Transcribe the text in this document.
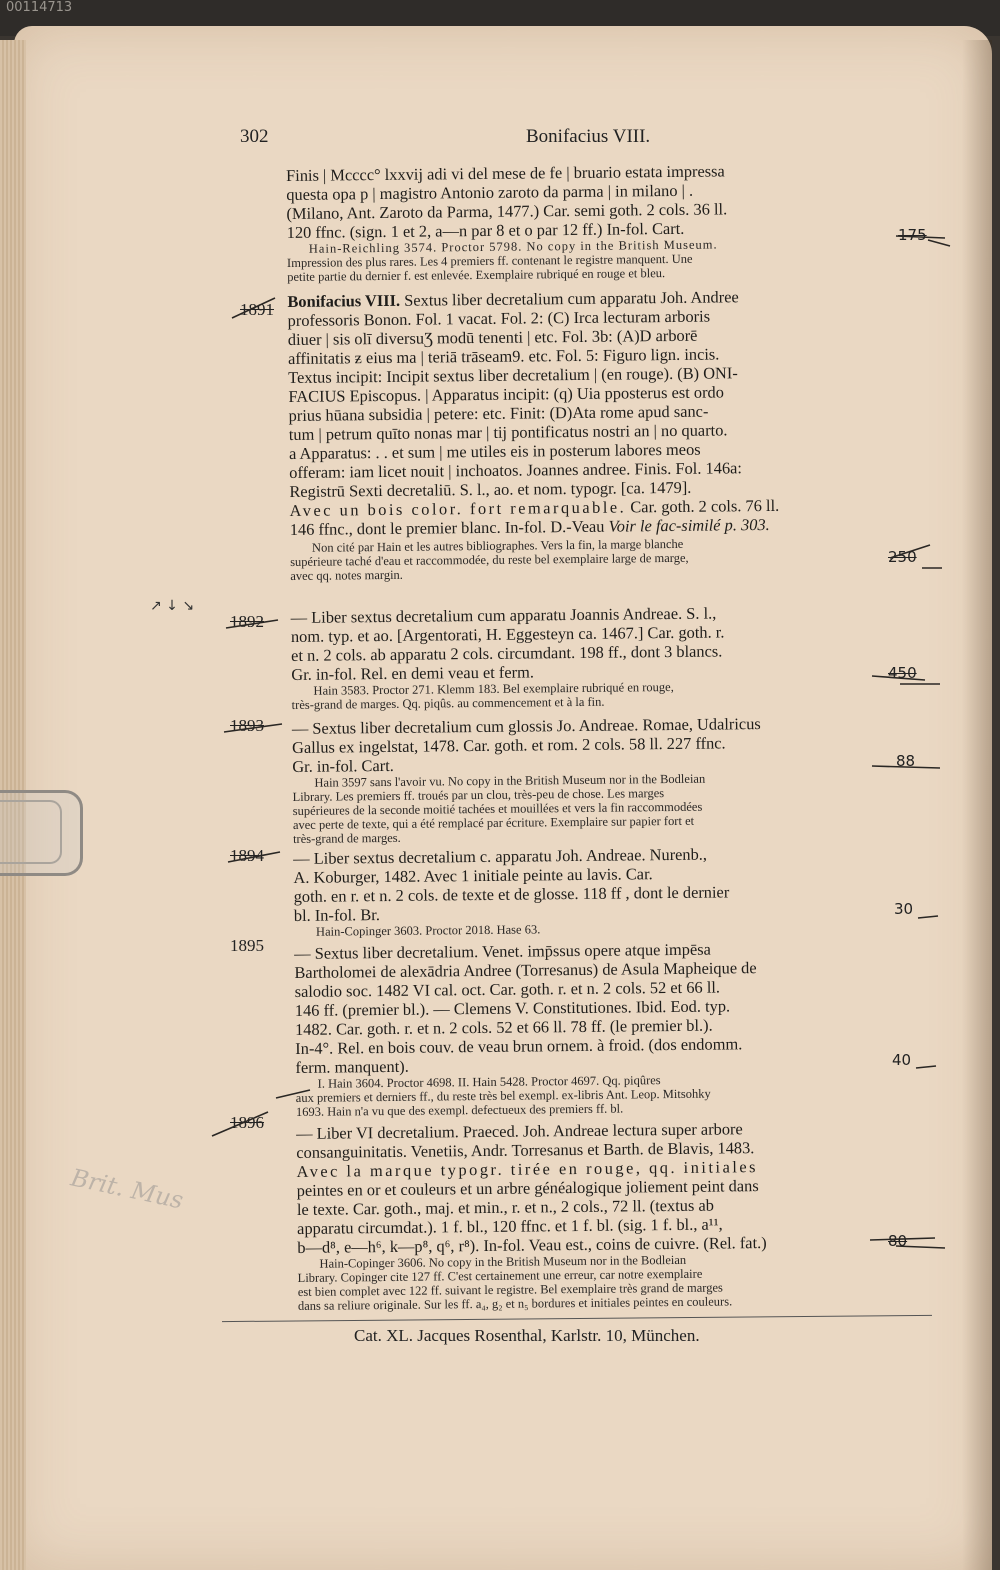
00114713
302	Bonifacius VIII.
Finis | Mcccc° lxxvij adi vi del mese de fe | bruario estata impressa
questa opa p | magistro Antonio zaroto da parma | in milano | .
(Milano, Ant. Zaroto da Parma, 1477.) Car. semi goth. 2 cols. 36 ll.
120 ffnc. (sign. 1 et 2, a—n par 8 et o par 12 ff.) In-fol. Cart.
Hain-Reichling 3574. Proctor 5798. No copy in the British Museum.
Impression des plus rares. Les 4 premiers ff. contenant le registre manquent. Une
petite partie du dernier f. est enlevée. Exemplaire rubriqué en rouge et bleu.
Bonifacius VIII. Sextus liber decretalium cum apparatu Joh. Andree
professoris Bonon. Fol. 1 vacat. Fol. 2: (C) Irca lecturam arboris
diuer | sis olī diversuƷ modū tenenti | etc. Fol. 3b: (A)D arborē
affinitatis ƶ eius ma | teriā trāseam9. etc. Fol. 5: Figuro lign. incis.
Textus incipit: Incipit sextus liber decretalium | (en rouge). (B) ONI-
FACIUS Episcopus. | Apparatus incipit: (q) Uia pposterus est ordo
prius hūana subsidia | petere: etc. Finit: (D)Ata rome apud sanc-
tum | petrum quīto nonas mar | tij pontificatus nostri an | no quarto.
a Apparatus: . . et sum | me utiles eis in posterum labores meos
offeram: iam licet nouit | inchoatos. Joannes andree. Finis. Fol. 146a:
Registrū Sexti decretaliū. S. l., ao. et nom. typogr. [ca. 1479].
Avec un bois color. fort remarquable. Car. goth. 2 cols. 76 ll.
146 ffnc., dont le premier blanc. In-fol. D.-Veau Voir le fac-similé p. 303.
Non cité par Hain et les autres bibliographes. Vers la fin, la marge blanche
supérieure taché d'eau et raccommodée, du reste bel exemplaire large de marge,
avec qq. notes margin.
— Liber sextus decretalium cum apparatu Joannis Andreae. S. l.,
nom. typ. et ao. [Argentorati, H. Eggesteyn ca. 1467.] Car. goth. r.
et n. 2 cols. ab apparatu 2 cols. circumdant. 198 ff., dont 3 blancs.
Gr. in-fol. Rel. en demi veau et ferm.
Hain 3583. Proctor 271. Klemm 183. Bel exemplaire rubriqué en rouge,
très-grand de marges. Qq. piqûs. au commencement et à la fin.
— Sextus liber decretalium cum glossis Jo. Andreae. Romae, Udalricus
Gallus ex ingelstat, 1478. Car. goth. et rom. 2 cols. 58 ll. 227 ffnc.
Gr. in-fol. Cart.
Hain 3597 sans l'avoir vu. No copy in the British Museum nor in the Bodleian
Library. Les premiers ff. troués par un clou, très-peu de chose. Les marges
supérieures de la seconde moitié tachées et mouillées et vers la fin raccommodées
avec perte de texte, qui a été remplacé par écriture. Exemplaire sur papier fort et
très-grand de marges.
— Liber sextus decretalium c. apparatu Joh. Andreae. Nurenb.,
A. Koburger, 1482. Avec 1 initiale peinte au lavis. Car.
goth. en r. et n. 2 cols. de texte et de glosse. 118 ff , dont le dernier
bl. In-fol. Br.
Hain-Copinger 3603. Proctor 2018. Hase 63.
— Sextus liber decretalium. Venet. imp̄ssus opere atque impēsa
Bartholomei de alexādria Andree (Torresanus) de Asula Mapheique de
salodio soc. 1482 VI cal. oct. Car. goth. r. et n. 2 cols. 52 et 66 ll.
146 ff. (premier bl.). — Clemens V. Constitutiones. Ibid. Eod. typ.
1482. Car. goth. r. et n. 2 cols. 52 et 66 ll. 78 ff. (le premier bl.).
In-4°. Rel. en bois couv. de veau brun ornem. à froid. (dos endomm.
ferm. manquent).
I. Hain 3604. Proctor 4698. II. Hain 5428. Proctor 4697. Qq. piqûres
aux premiers et derniers ff., du reste très bel exempl. ex-libris Ant. Leop. Mitsohky
1693. Hain n'a vu que des exempl. defectueux des premiers ff. bl.
— Liber VI decretalium. Praeced. Joh. Andreae lectura super arbore
consanguinitatis. Venetiis, Andr. Torresanus et Barth. de Blavis, 1483.
Avec la marque typogr. tirée en rouge, qq. initiales
peintes en or et couleurs et un arbre généalogique joliement peint dans
le texte. Car. goth., maj. et min., r. et n., 2 cols., 72 ll. (textus ab
apparatu circumdat.). 1 f. bl., 120 ffnc. et 1 f. bl. (sig. 1 f. bl., a¹¹,
b—d⁸, e—h⁶, k—p⁸, q⁶, r⁸). In-fol. Veau est., coins de cuivre. (Rel. fat.)
Hain-Copinger 3606. No copy in the British Museum nor in the Bodleian
Library. Copinger cite 127 ff. C'est certainement une erreur, car notre exemplaire
est bien complet avec 122 ff. suivant le registre. Bel exemplaire très grand de marges
dans sa reliure originale. Sur les ff. a₄, g₂ et n₅ bordures et initiales peintes en couleurs.
1891
1892
1893
1894
1895
1896
175
250
450
88
30
40
80
Brit. Mus
↗ ↓ ↘
Cat. XL. Jacques Rosenthal, Karlstr. 10, München.
